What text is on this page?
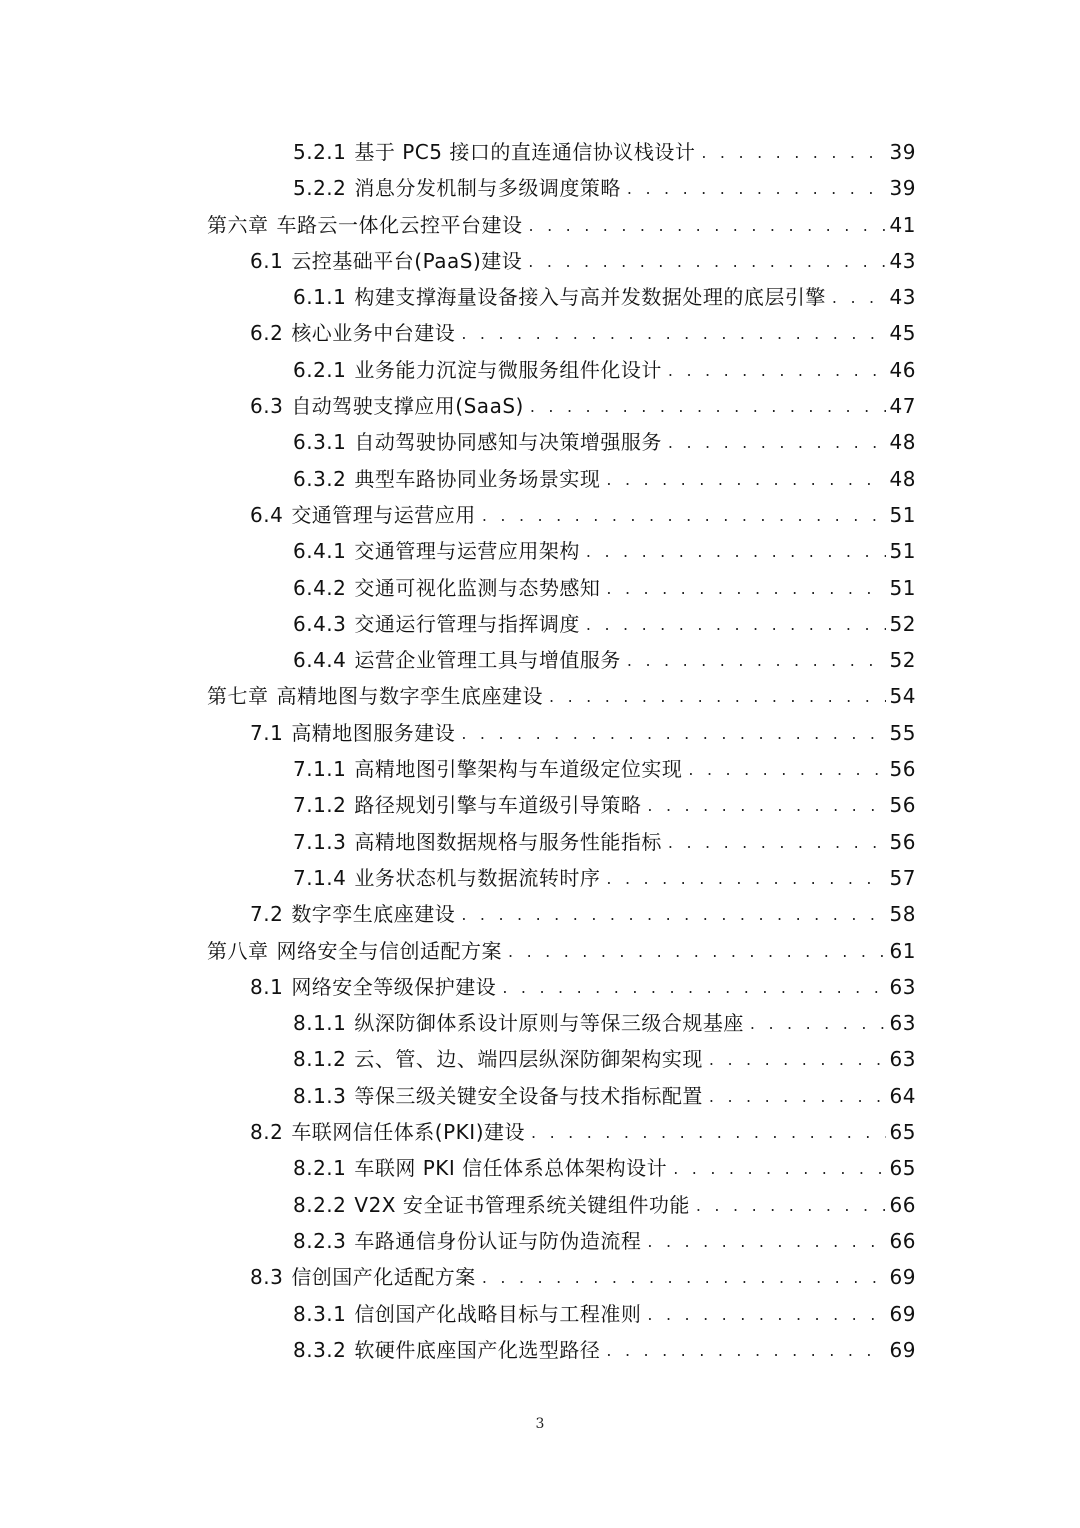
5.2.1 基于 PC5 接口的直连通信协议栈设计 . . .	39
5.2.2 消息分发机制与多级调度策略 . . .	39
第六章 车路云一体化云控平台建设 . . .	41
6.1 云控基础平台(PaaS)建设 . . .	43
6.1.1 构建支撑海量设备接入与高并发数据处理的底层引擎 . . .	43
6.2 核心业务中台建设 . . .	45
6.2.1 业务能力沉淀与微服务组件化设计 . . .	46
6.3 自动驾驶支撑应用(SaaS) . . .	47
6.3.1 自动驾驶协同感知与决策增强服务 . . .	48
6.3.2 典型车路协同业务场景实现 . . .	48
6.4 交通管理与运营应用 . . .	51
6.4.1 交通管理与运营应用架构 . . .	51
6.4.2 交通可视化监测与态势感知 . . .	51
6.4.3 交通运行管理与指挥调度 . . .	52
6.4.4 运营企业管理工具与增值服务 . . .	52
第七章 高精地图与数字孪生底座建设 . . .	54
7.1 高精地图服务建设 . . .	55
7.1.1 高精地图引擎架构与车道级定位实现 . . .	56
7.1.2 路径规划引擎与车道级引导策略 . . .	56
7.1.3 高精地图数据规格与服务性能指标 . . .	56
7.1.4 业务状态机与数据流转时序 . . .	57
7.2 数字孪生底座建设 . . .	58
第八章 网络安全与信创适配方案 . . .	61
8.1 网络安全等级保护建设 . . .	63
8.1.1 纵深防御体系设计原则与等保三级合规基座 . . .	63
8.1.2 云、管、边、端四层纵深防御架构实现 . . .	63
8.1.3 等保三级关键安全设备与技术指标配置 . . .	64
8.2 车联网信任体系(PKI)建设 . . .	65
8.2.1 车联网 PKI 信任体系总体架构设计 . . .	65
8.2.2 V2X 安全证书管理系统关键组件功能 . . .	66
8.2.3 车路通信身份认证与防伪造流程 . . .	66
8.3 信创国产化适配方案 . . .	69
8.3.1 信创国产化战略目标与工程准则 . . .	69
8.3.2 软硬件底座国产化选型路径 . . .	69
3
